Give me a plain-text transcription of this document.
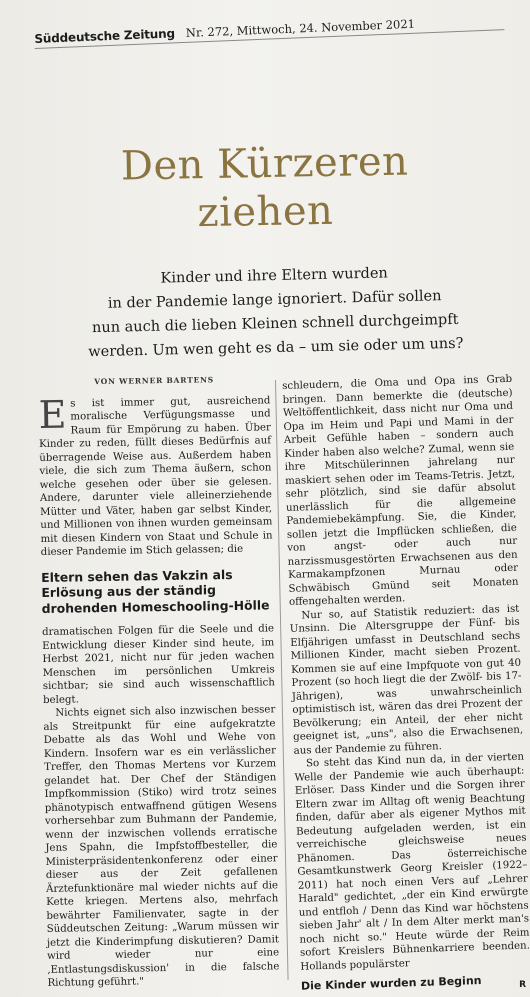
Süddeutsche Zeitung Nr. 272, Mittwoch, 24. November 2021
Den Kürzeren
ziehen

Kinder und ihre Eltern wurden

in der Pandemie lange ignoriert. Dafür sollen

nun auch die lieben Kleinen schnell durchgeimpft

werden. Um wen geht es da – um sie oder um uns?

VON WERNER BARTENS

Es ist immer gut, ausreichend moralische Verfügungsmasse und Raum für Empörung zu haben. Über Kinder zu reden, füllt dieses Bedürfnis auf überragende Weise aus. Außerdem haben viele, die sich zum Thema äußern, schon welche gesehen oder über sie gelesen. Andere, darunter viele alleinerziehende Mütter und Väter, haben gar selbst Kinder, und Millionen von ihnen wurden gemeinsam mit diesen Kindern von Staat und Schule in dieser Pandemie im Stich gelassen; die

Eltern sehen das Vakzin als Erlösung aus der ständig drohenden Homeschooling-Hölle

dramatischen Folgen für die Seele und die Entwicklung dieser Kinder sind heute, im Herbst 2021, nicht nur für jeden wachen Menschen im persönlichen Umkreis sichtbar; sie sind auch wissenschaftlich belegt.

Nichts eignet sich also inzwischen besser als Streitpunkt für eine aufgekratzte Debatte als das Wohl und Wehe von Kindern. Insofern war es ein verlässlicher Treffer, den Thomas Mertens vor Kurzem gelandet hat. Der Chef der Ständigen Impfkommission (Stiko) wird trotz seines phänotypisch entwaffnend gütigen Wesens vorhersehbar zum Buhmann der Pandemie, wenn der inzwischen vollends erratische Jens Spahn, die Impfstoffbesteller, die Ministerpräsidentenkonferenz oder einer dieser aus der Zeit gefallenen Ärztefunktionäre mal wieder nichts auf die Kette kriegen. Mertens also, mehrfach bewährter Familienvater, sagte in der Süddeutschen Zeitung: „Warum müssen wir jetzt die Kinderimpfung diskutieren? Damit wird wieder nur eine ‚Entlastungsdiskussion' in die falsche Richtung geführt."

schleudern, die Oma und Opa ins Grab bringen. Dann bemerkte die (deutsche) Weltöffentlichkeit, dass nicht nur Oma und Opa im Heim und Papi und Mami in der Arbeit Gefühle haben – sondern auch Kinder haben also welche? Zumal, wenn sie ihre Mitschülerinnen jahrelang nur maskiert sehen oder im Teams-Tetris. Jetzt, sehr plötzlich, sind sie dafür absolut unerlässlich für die allgemeine Pandemiebekämpfung. Sie, die Kinder, sollen jetzt die Impflücken schließen, die von angst- oder auch nur narzissmusgestörten Erwachsenen aus den Karmakampfzonen Murnau oder Schwäbisch Gmünd seit Monaten offengehalten werden.

Nur so, auf Statistik reduziert: das ist Unsinn. Die Altersgruppe der Fünf- bis Elfjährigen umfasst in Deutschland sechs Millionen Kinder, macht sieben Prozent. Kommen sie auf eine Impfquote von gut 40 Prozent (so hoch liegt die der Zwölf- bis 17-Jährigen), was unwahrscheinlich optimistisch ist, wären das drei Prozent der Bevölkerung; ein Anteil, der eher nicht geeignet ist, „uns", also die Erwachsenen, aus der Pandemie zu führen.

So steht das Kind nun da, in der vierten Welle der Pandemie wie auch überhaupt: Erlöser. Dass Kinder und die Sorgen ihrer Eltern zwar im Alltag oft wenig Beachtung finden, dafür aber als eigener Mythos mit Bedeutung aufgeladen werden, ist ein verreichische gleichsweise neues Phänomen. Das österreichische Gesamtkunstwerk Georg Kreisler (1922–2011) hat noch einen Vers auf „Lehrer Harald" gedichtet, „der ein Kind erwürgte und entfloh / Denn das Kind war höchstens sieben Jahr' alt / In dem Alter merkt man's noch nicht so." Heute würde der Reim sofort Kreislers Bühnenkarriere beenden. Hollands populärster

Die Kinder wurden zu Beginn	R
